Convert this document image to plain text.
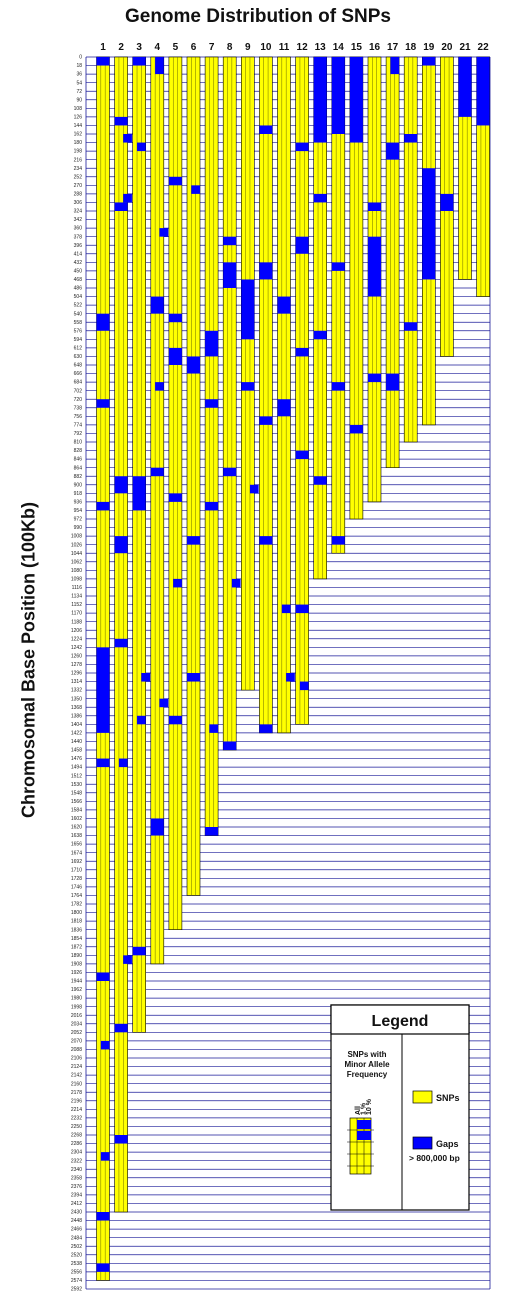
Genome Distribution of SNPs
Chromosomal Base Position (100Kb)
0
18
36
54
72
90
108
126
144
162
180
198
216
234
252
270
288
306
324
342
360
378
396
414
432
450
468
486
504
522
540
558
576
594
612
630
648
666
684
702
720
738
756
774
792
810
828
846
864
882
900
918
936
954
972
990
1008
1026
1044
1062
1080
1098
1116
1134
1152
1170
1188
1206
1224
1242
1260
1278
1296
1314
1332
1350
1368
1386
1404
1422
1440
1458
1476
1494
1512
1530
1548
1566
1584
1602
1620
1638
1656
1674
1692
1710
1728
1746
1764
1782
1800
1818
1836
1854
1872
1890
1908
1926
1944
1962
1980
1998
2016
2034
2052
2070
2088
2106
2124
2142
2160
2178
2196
2214
2232
2250
2268
2286
2304
2322
2340
2358
2376
2394
2412
2430
2448
2466
2484
2502
2520
2538
2556
2574
2592
1 2 3 4 5 6 7 8 9 10 11 12 13 14 15 16 17 18 19 20 21 22
Legend
SNPs with
Minor Allele
Frequency
All
1 %
10 %
SNPs
Gaps
> 800,000 bp
